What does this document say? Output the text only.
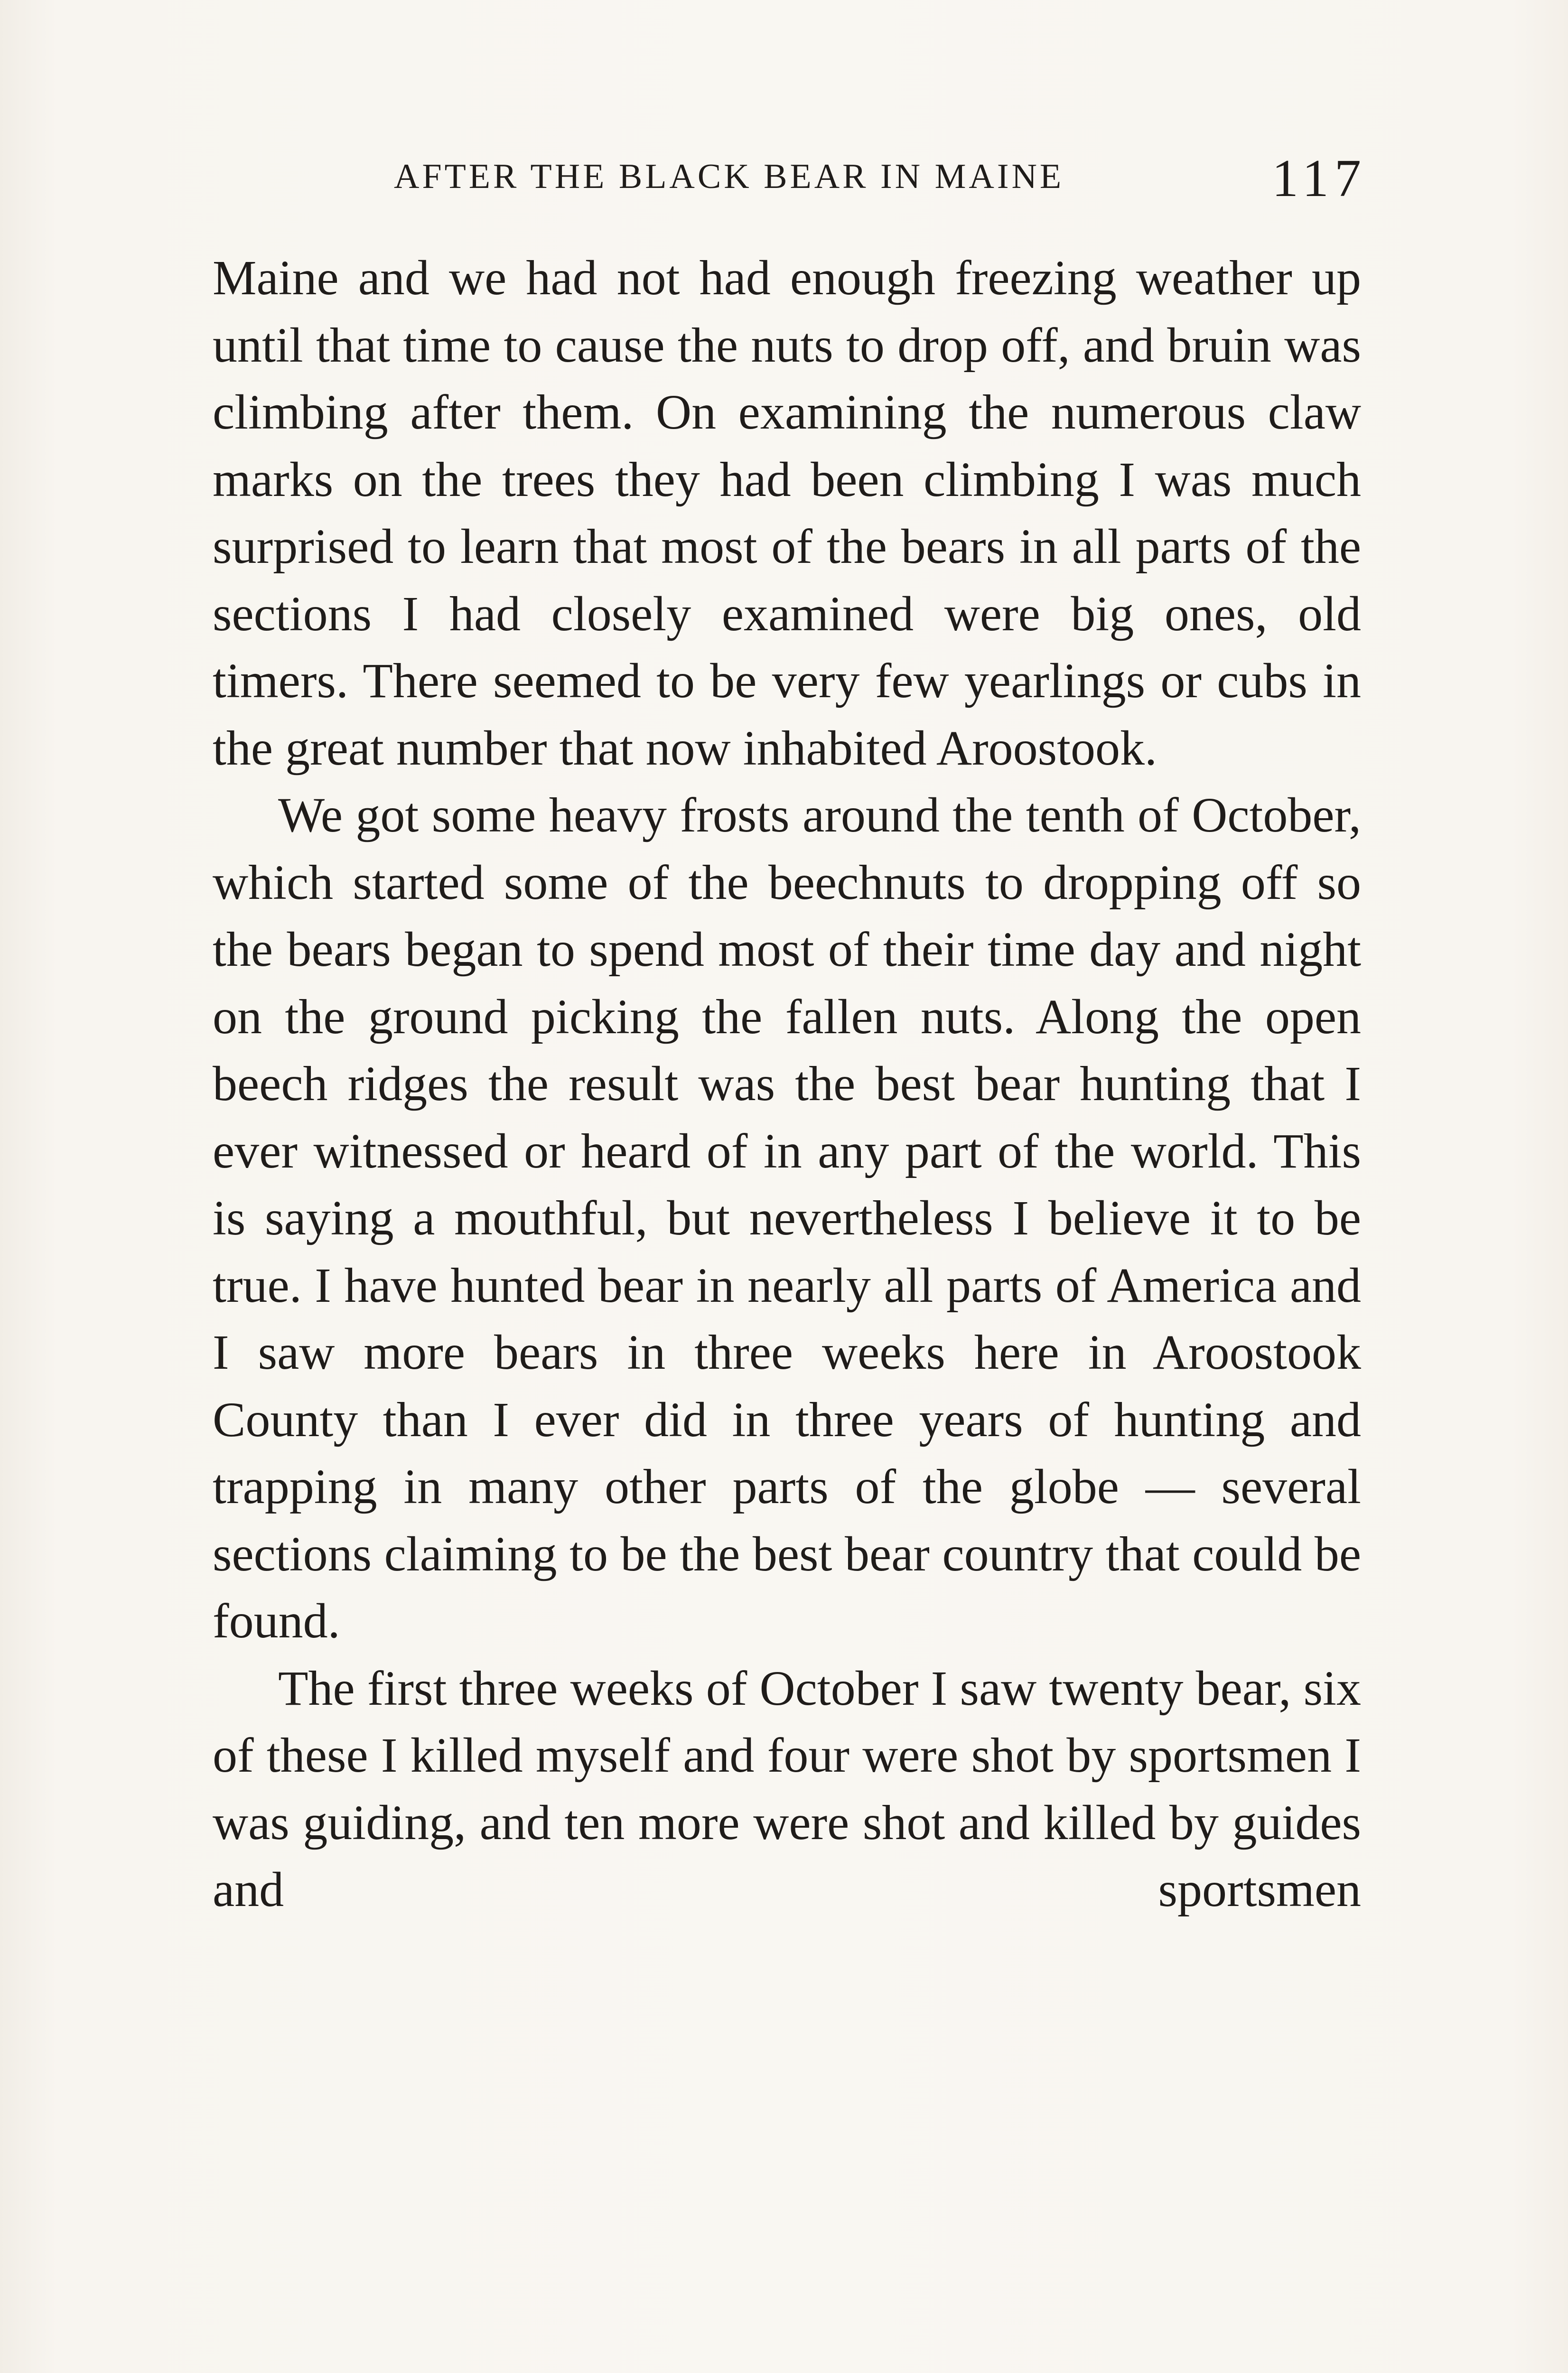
AFTER THE BLACK BEAR IN MAINE	117

Maine and we had not had enough freezing weather up until that time to cause the nuts to drop off, and bruin was climbing after them. On examining the numerous claw marks on the trees they had been climbing I was much surprised to learn that most of the bears in all parts of the sections I had closely examined were big ones, old timers. There seemed to be very few yearlings or cubs in the great number that now inhabited Aroostook.

We got some heavy frosts around the tenth of October, which started some of the beechnuts to dropping off so the bears began to spend most of their time day and night on the ground picking the fallen nuts. Along the open beech ridges the result was the best bear hunting that I ever witnessed or heard of in any part of the world. This is saying a mouthful, but nevertheless I believe it to be true. I have hunted bear in nearly all parts of America and I saw more bears in three weeks here in Aroostook County than I ever did in three years of hunting and trapping in many other parts of the globe — several sections claiming to be the best bear country that could be found.

The first three weeks of October I saw twenty bear, six of these I killed myself and four were shot by sportsmen I was guiding, and ten more were shot and killed by guides and sportsmen
